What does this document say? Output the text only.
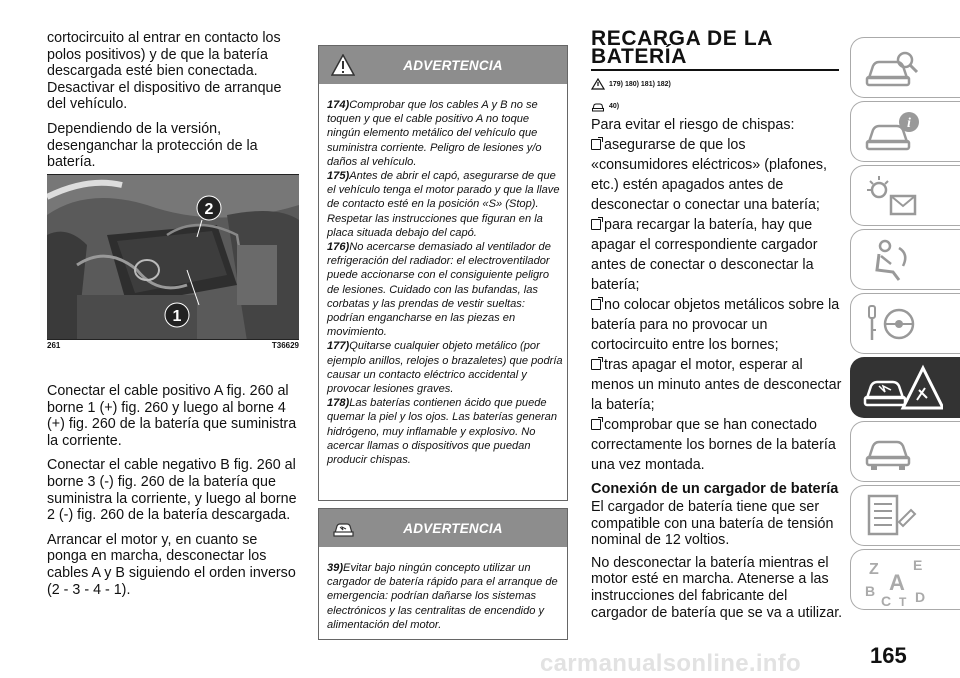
cortocircuito al entrar en contacto los polos positivos) y de que la batería descargada esté bien conectada. Desactivar el dispositivo de arranque del vehículo.

Dependiendo de la versión, desenganchar la protección de la batería.

1
2
261	T36629

Conectar el cable positivo A fig. 260 al borne 1 (+) fig. 260 y luego al borne 4 (+) fig. 260 de la batería que suministra la corriente.

Conectar el cable negativo B fig. 260 al borne 3 (-) fig. 260 de la batería que suministra la corriente, y luego al borne 2 (-) fig. 260 de la batería descargada.

Arrancar el motor y, en cuanto se ponga en marcha, desconectar los cables A y B siguiendo el orden inverso (2 - 3 - 4 - 1).

ADVERTENCIA

174)Comprobar que los cables A y B no se toquen y que el cable positivo A no toque ningún elemento metálico del vehículo que suministra corriente. Peligro de lesiones y/o daños al vehículo.

175)Antes de abrir el capó, asegurarse de que el vehículo tenga el motor parado y que la llave de contacto esté en la posición «S» (Stop). Respetar las instrucciones que figuran en la placa situada debajo del capó.

176)No acercarse demasiado al ventilador de refrigeración del radiador: el electroventilador puede accionarse con el consiguiente peligro de lesiones. Cuidado con las bufandas, las corbatas y las prendas de vestir sueltas: podrían engancharse en las piezas en movimiento.

177)Quitarse cualquier objeto metálico (por ejemplo anillos, relojes o brazaletes) que podría causar un contacto eléctrico accidental y provocar lesiones graves.

178)Las baterías contienen ácido que puede quemar la piel y los ojos. Las baterías generan hidrógeno, muy inflamable y explosivo. No acercar llamas o dispositivos que puedan producir chispas.

ADVERTENCIA

39)Evitar bajo ningún concepto utilizar un cargador de batería rápido para el arranque de emergencia: podrían dañarse los sistemas electrónicos y las centralitas de encendido y alimentación del motor.

RECARGA DE LA
BATERÍA
179) 180) 181) 182)
40)
Para evitar el riesgo de chispas:
asegurarse de que los «consumidores eléctricos» (plafones, etc.) estén apagados antes de desconectar o conectar una batería;
para recargar la batería, hay que apagar el correspondiente cargador antes de conectar o desconectar la batería;
no colocar objetos metálicos sobre la batería para no provocar un cortocircuito entre los bornes;
tras apagar el motor, esperar al menos un minuto antes de desconectar la batería;
comprobar que se han conectado correctamente los bornes de la batería una vez montada.
Conexión de un cargador de batería

El cargador de batería tiene que ser compatible con una batería de tensión nominal de 12 voltios.

No desconectar la batería mientras el motor esté en marcha. Atenerse a las instrucciones del fabricante del cargador de batería que se va a utilizar.

i
Z E
A
B
C T D
carmanualsonline.info	165
